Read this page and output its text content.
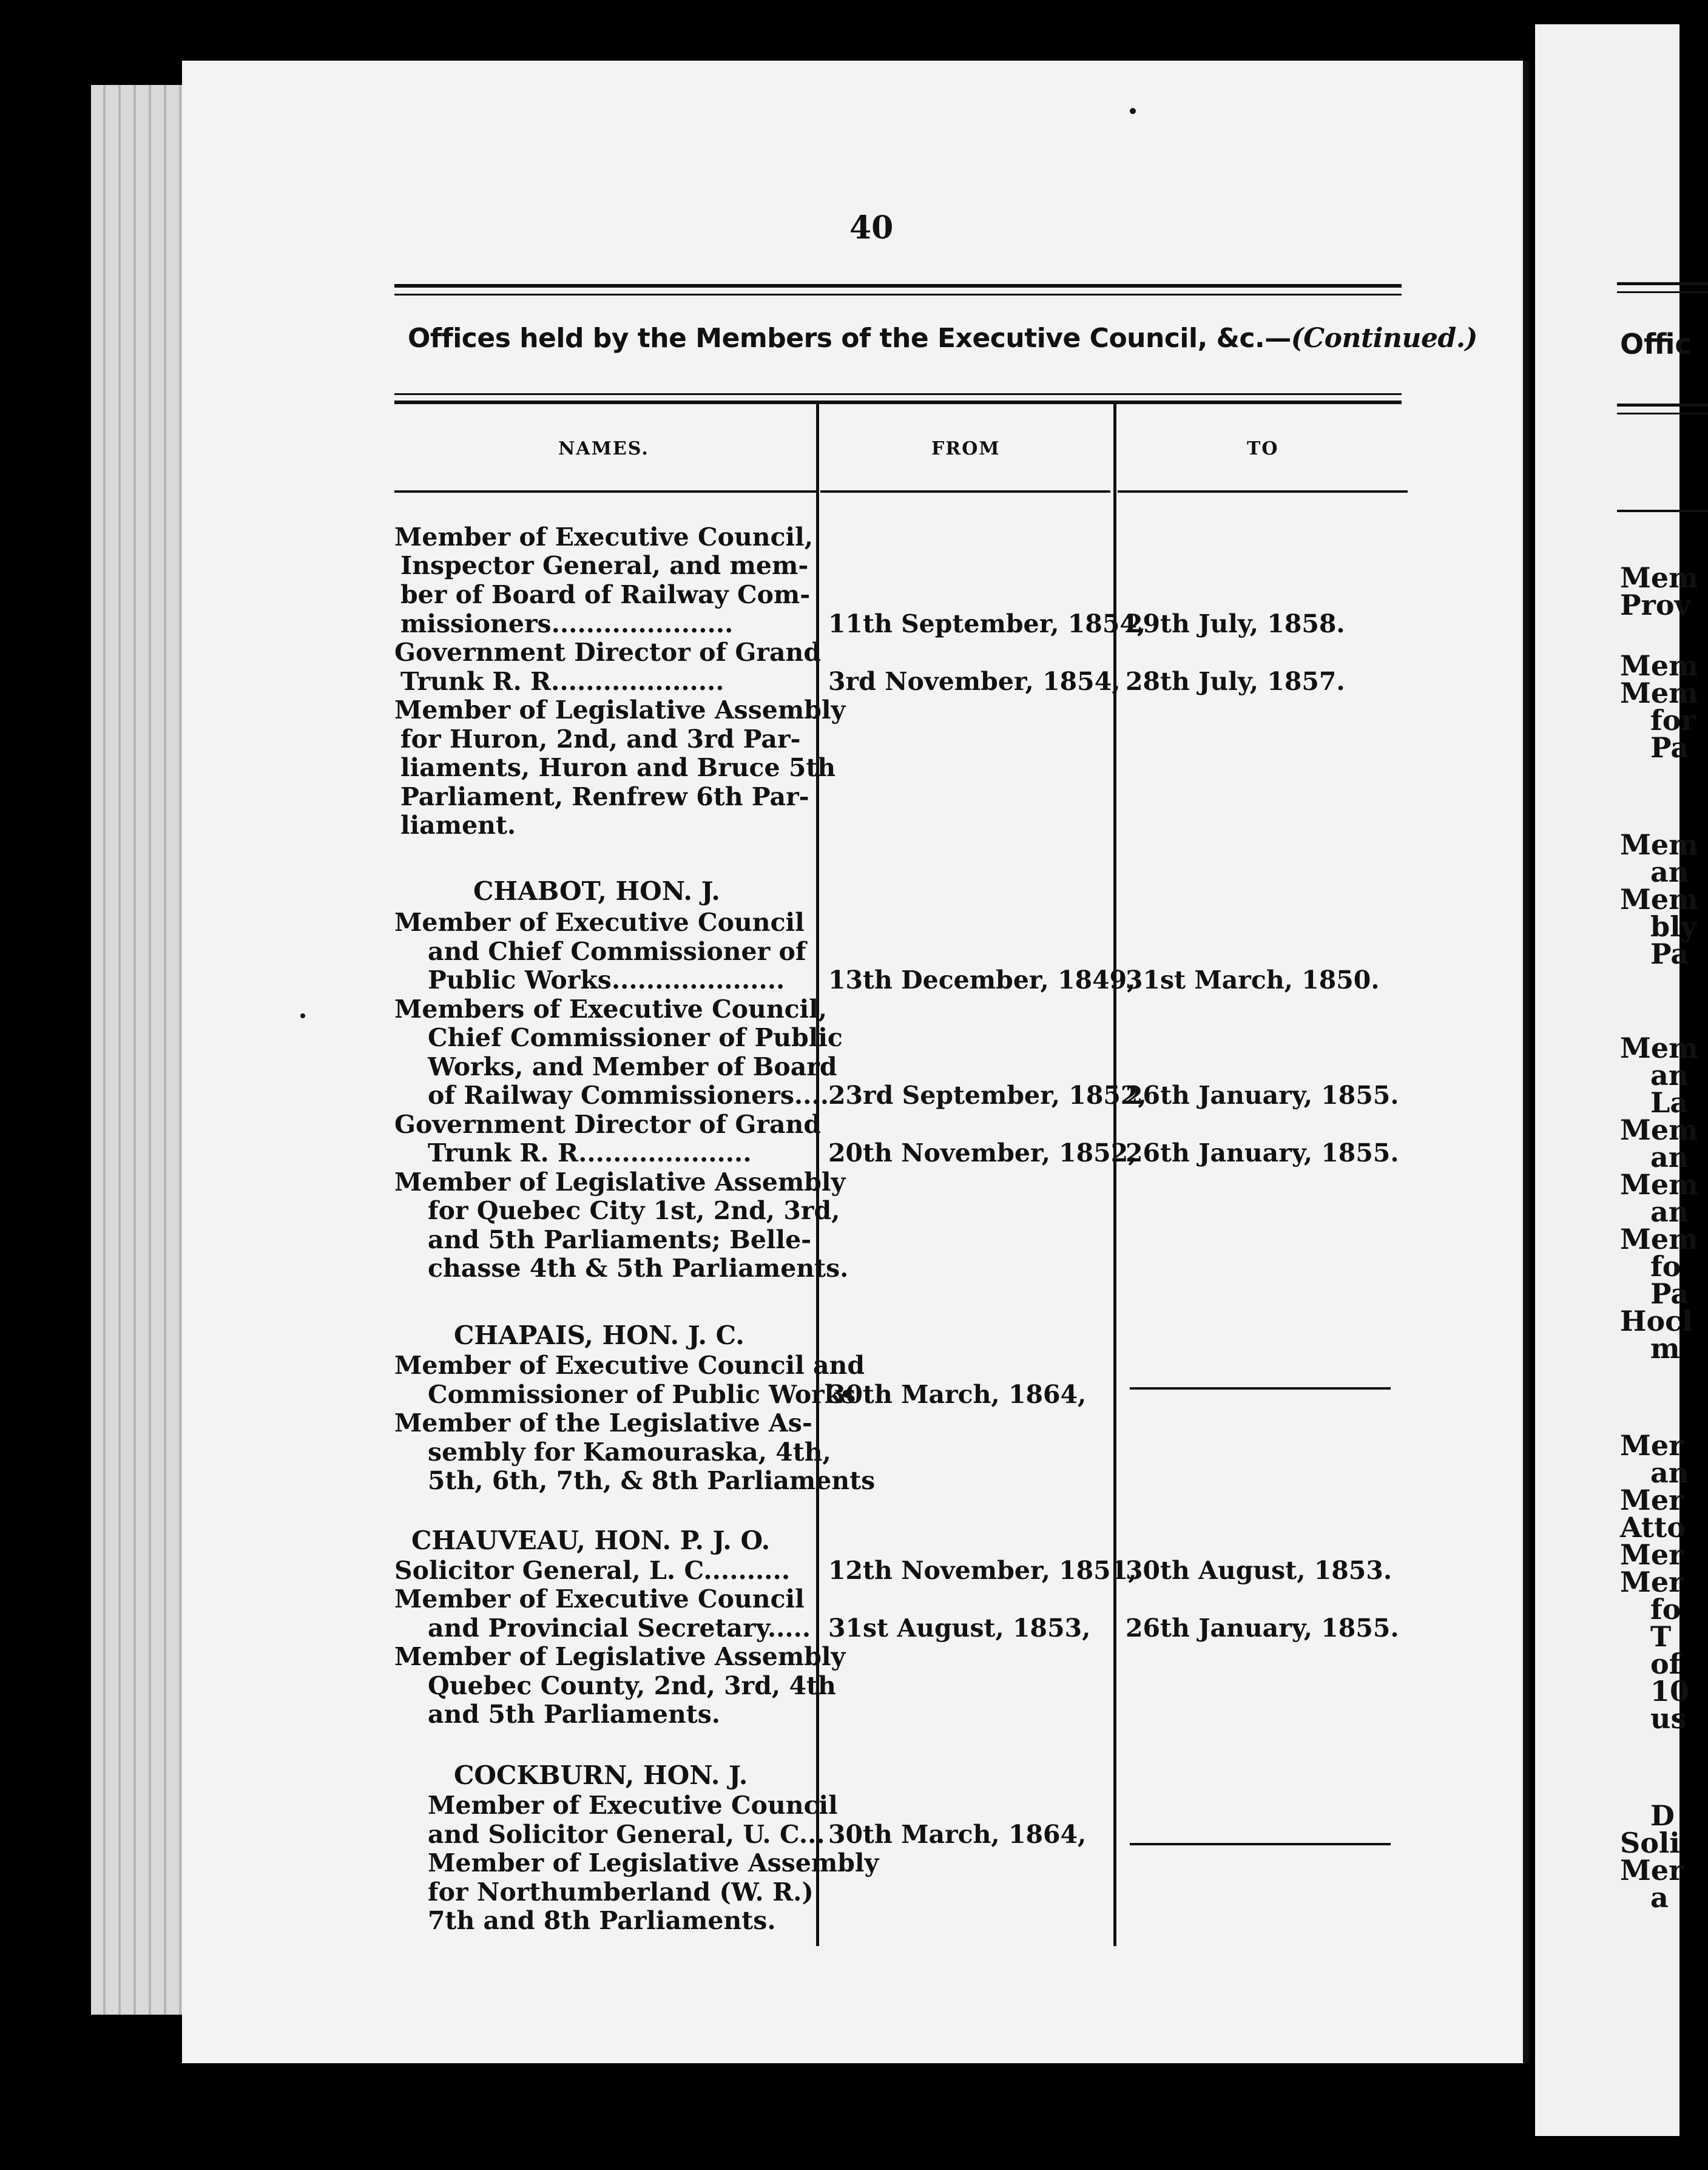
Offic
Mem
Prov
Mem
Mem
for
Pa
Mem
an
Mem
bly
Pa
Mem
an
La
Mem
an
Mem
an
Mem
fo
Pa
Hocl
m
Mer
an
Mer
Atto
Mer
Mer
fo
T
of
10
us
D
Soli
Mer
a
40
Offices held by the Members of the Executive Council, &c.—(Continued.)
NAMES.	FROM	TO
Member of Executive Council,
Inspector General, and mem-
ber of Board of Railway Com-
missioners.....................
Government Director of Grand
Trunk R. R....................
Member of Legislative Assembly
for Huron, 2nd, and 3rd Par-
liaments, Huron and Bruce 5th
Parliament, Renfrew 6th Par-
liament.
11th September, 1854,
29th July, 1858.
3rd November, 1854, 28th July, 1857.
CHABOT, HON. J.
Member of Executive Council
and Chief Commissioner of
Public Works....................
Members of Executive Council,
Chief Commissioner of Public
Works, and Member of Board
of Railway Commissioners....
Government Director of Grand
Trunk R. R....................
Member of Legislative Assembly
for Quebec City 1st, 2nd, 3rd,
and 5th Parliaments; Belle-
chasse 4th & 5th Parliaments.
13th December, 1849,
31st March, 1850.
23rd September, 1852,
26th January, 1855.
20th November, 1852,
26th January, 1855.
CHAPAIS, HON. J. C.
Member of Executive Council and
Commissioner of Public Works
Member of the Legislative As-
sembly for Kamouraska, 4th,
5th, 6th, 7th, & 8th Parliaments
30th March, 1864,
CHAUVEAU, HON. P. J. O.
Solicitor General, L. C..........
Member of Executive Council
and Provincial Secretary.....
Member of Legislative Assembly
Quebec County, 2nd, 3rd, 4th
and 5th Parliaments.
12th November, 1851,
30th August, 1853.
31st August, 1853, 26th January, 1855.
COCKBURN, HON. J.
Member of Executive Council
and Solicitor General, U. C...
Member of Legislative Assembly
for Northumberland (W. R.)
7th and 8th Parliaments.
30th March, 1864,
